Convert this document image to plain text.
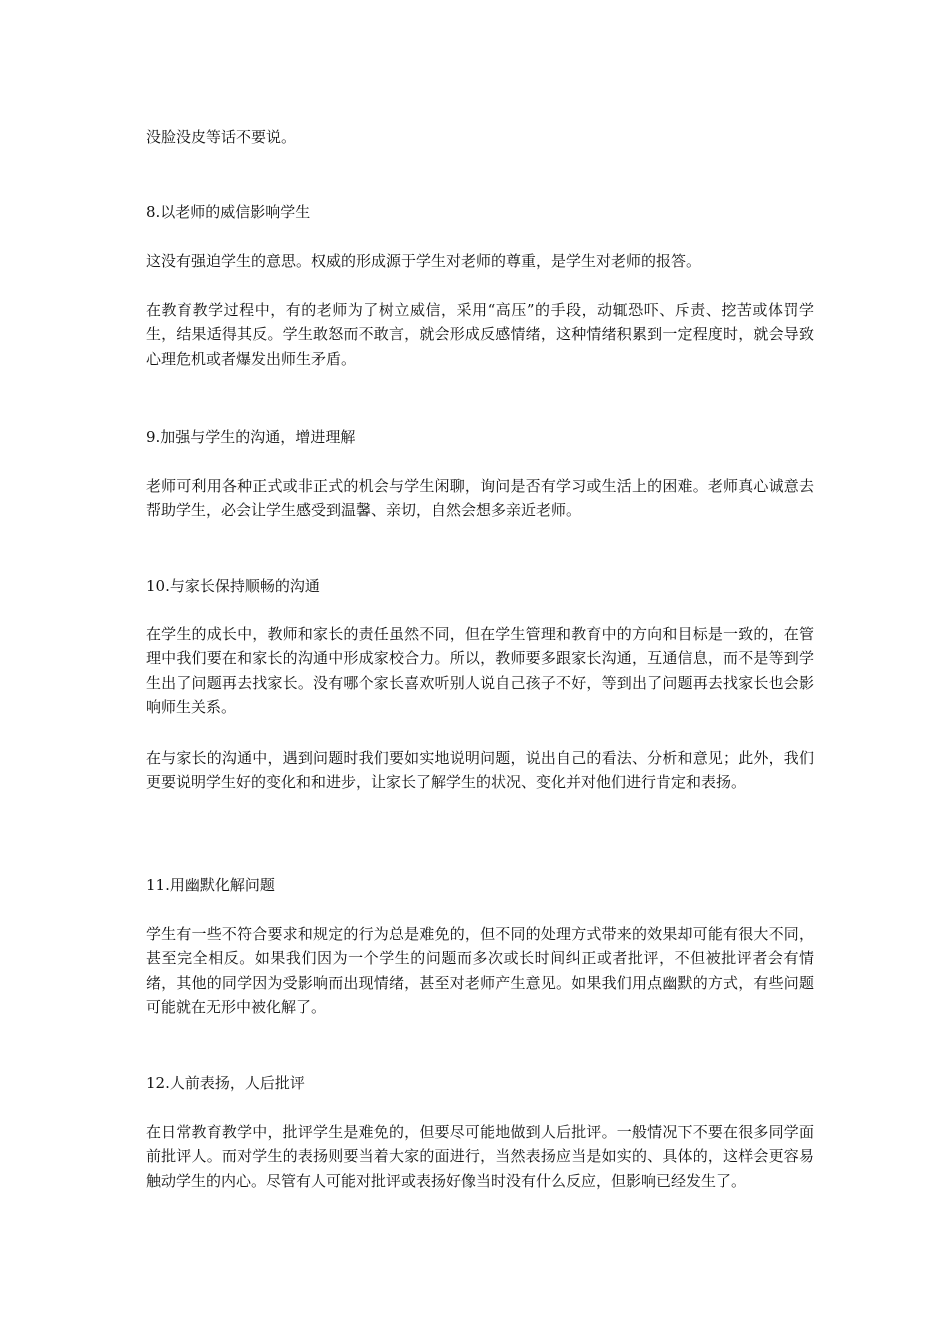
没脸没皮等话不要说。

8.以老师的威信影响学生

这没有强迫学生的意思。权威的形成源于学生对老师的尊重，是学生对老师的报答。

在教育教学过程中，有的老师为了树立威信，采用“高压”的手段，动辄恐吓、斥责、挖苦或体罚学生，结果适得其反。学生敢怒而不敢言，就会形成反感情绪，这种情绪积累到一定程度时，就会导致心理危机或者爆发出师生矛盾。

9.加强与学生的沟通，增进理解

老师可利用各种正式或非正式的机会与学生闲聊，询问是否有学习或生活上的困难。老师真心诚意去帮助学生，必会让学生感受到温馨、亲切，自然会想多亲近老师。

10.与家长保持顺畅的沟通

在学生的成长中，教师和家长的责任虽然不同，但在学生管理和教育中的方向和目标是一致的，在管理中我们要在和家长的沟通中形成家校合力。所以，教师要多跟家长沟通，互通信息，而不是等到学生出了问题再去找家长。没有哪个家长喜欢听别人说自己孩子不好，等到出了问题再去找家长也会影响师生关系。

在与家长的沟通中，遇到问题时我们要如实地说明问题，说出自己的看法、分析和意见；此外，我们更要说明学生好的变化和和进步，让家长了解学生的状况、变化并对他们进行肯定和表扬。

11.用幽默化解问题

学生有一些不符合要求和规定的行为总是难免的，但不同的处理方式带来的效果却可能有很大不同，甚至完全相反。如果我们因为一个学生的问题而多次或长时间纠正或者批评，不但被批评者会有情绪，其他的同学因为受影响而出现情绪，甚至对老师产生意见。如果我们用点幽默的方式，有些问题可能就在无形中被化解了。

12.人前表扬，人后批评

在日常教育教学中，批评学生是难免的，但要尽可能地做到人后批评。一般情况下不要在很多同学面前批评人。而对学生的表扬则要当着大家的面进行，当然表扬应当是如实的、具体的，这样会更容易触动学生的内心。尽管有人可能对批评或表扬好像当时没有什么反应，但影响已经发生了。
